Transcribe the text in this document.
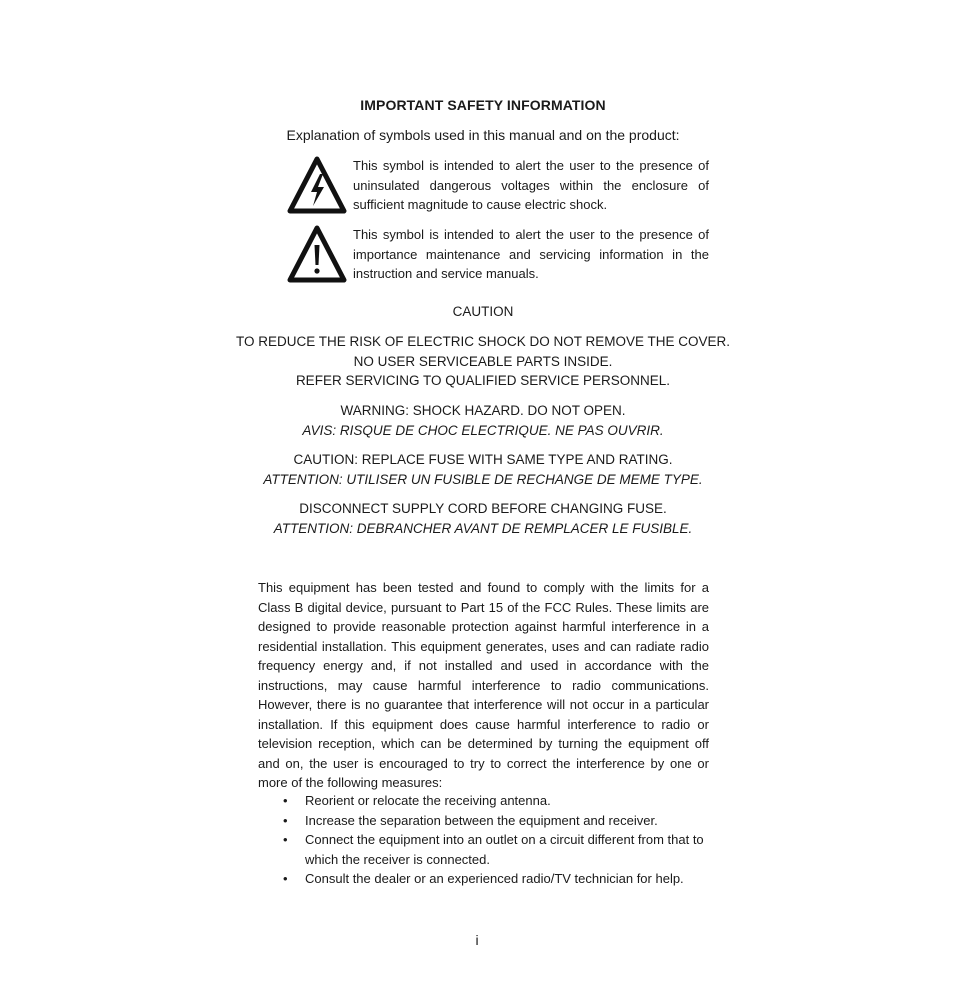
IMPORTANT SAFETY INFORMATION
Explanation of symbols used in this manual and on the product:
This symbol is intended to alert the user to the presence of uninsulated dangerous voltages within the enclosure of sufficient magnitude to cause electric shock.
This symbol is intended to alert the user to the presence of importance maintenance and servicing information in the instruction and service manuals.
CAUTION
TO REDUCE THE RISK OF ELECTRIC SHOCK DO NOT REMOVE THE COVER.
NO USER SERVICEABLE PARTS INSIDE.
REFER SERVICING TO QUALIFIED SERVICE PERSONNEL.
WARNING: SHOCK HAZARD. DO NOT OPEN.
AVIS: RISQUE DE CHOC ELECTRIQUE. NE PAS OUVRIR.
CAUTION: REPLACE FUSE WITH SAME TYPE AND RATING.
ATTENTION: UTILISER UN FUSIBLE DE RECHANGE DE MEME TYPE.
DISCONNECT SUPPLY CORD BEFORE CHANGING FUSE.
ATTENTION: DEBRANCHER AVANT DE REMPLACER LE FUSIBLE.
This equipment has been tested and found to comply with the limits for a Class B digital device, pursuant to Part 15 of the FCC Rules. These limits are designed to provide reasonable protection against harmful interference in a residential installation. This equipment generates, uses and can radiate radio frequency energy and, if not installed and used in accordance with the instructions, may cause harmful interference to radio communications. However, there is no guarantee that interference will not occur in a particular installation. If this equipment does cause harmful interference to radio or television reception, which can be determined by turning the equipment off and on, the user is encouraged to try to correct the interference by one or more of the following measures:
• Reorient or relocate the receiving antenna.
• Increase the separation between the equipment and receiver.
• Connect the equipment into an outlet on a circuit different from that to which the receiver is connected.
• Consult the dealer or an experienced radio/TV technician for help.
i
